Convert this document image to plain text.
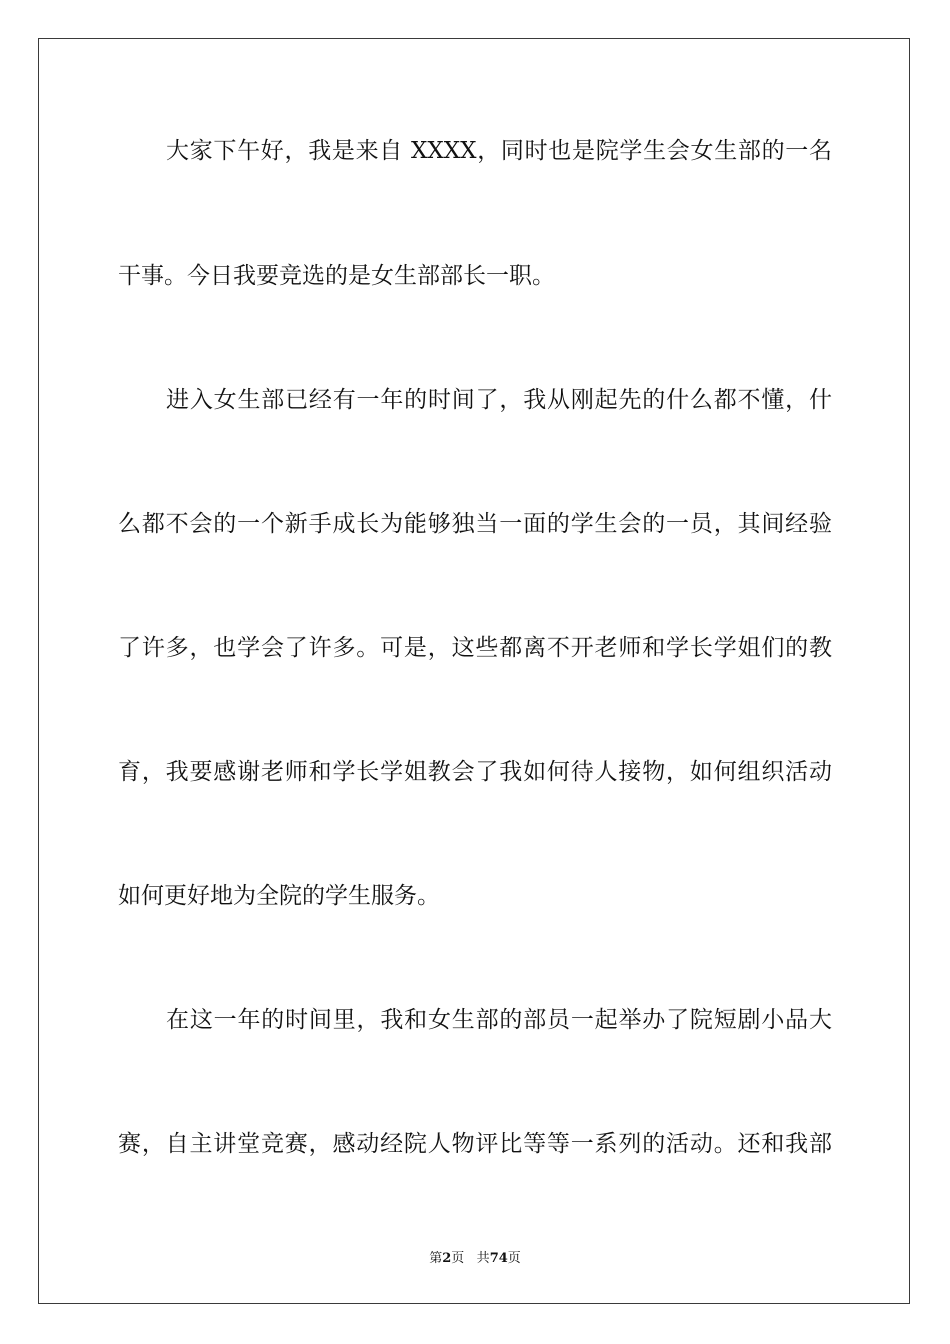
大家下午好，我是来自 XXXX，同时也是院学生会女生部的一名
干事。今日我要竞选的是女生部部长一职。
进入女生部已经有一年的时间了，我从刚起先的什么都不懂，什
么都不会的一个新手成长为能够独当一面的学生会的一员，其间经验
了许多，也学会了许多。可是，这些都离不开老师和学长学姐们的教
育，我要感谢老师和学长学姐教会了我如何待人接物，如何组织活动
如何更好地为全院的学生服务。
在这一年的时间里，我和女生部的部员一起举办了院短剧小品大
赛，自主讲堂竞赛，感动经院人物评比等等一系列的活动。还和我部
第2页 共74页
